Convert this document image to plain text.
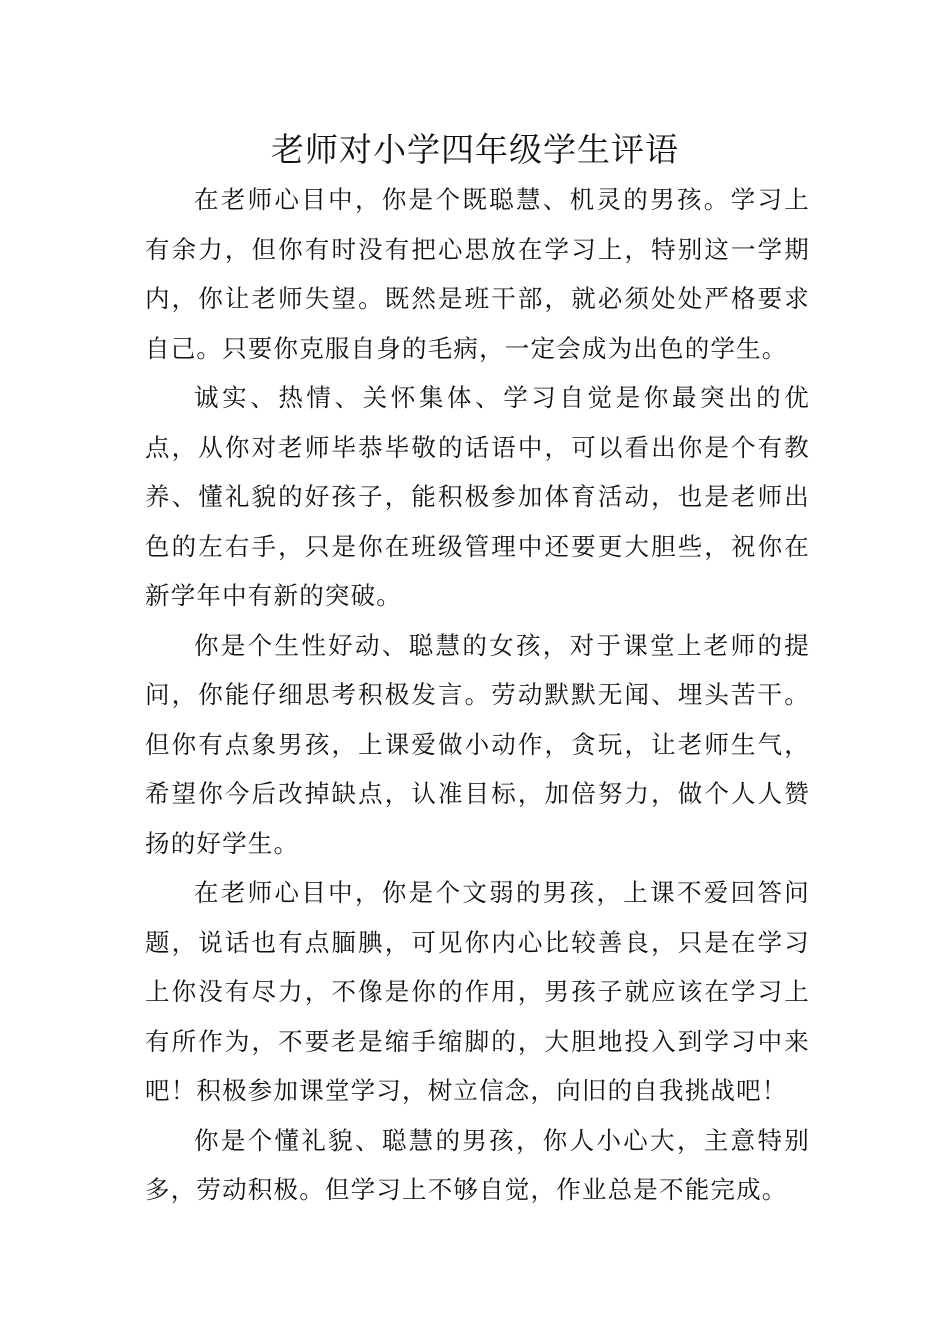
老师对小学四年级学生评语

在老师心目中，你是个既聪慧、机灵的男孩。学习上有余力，但你有时没有把心思放在学习上，特别这一学期内，你让老师失望。既然是班干部，就必须处处严格要求自己。只要你克服自身的毛病，一定会成为出色的学生。

诚实、热情、关怀集体、学习自觉是你最突出的优点，从你对老师毕恭毕敬的话语中，可以看出你是个有教养、懂礼貌的好孩子，能积极参加体育活动，也是老师出色的左右手，只是你在班级管理中还要更大胆些，祝你在新学年中有新的突破。

你是个生性好动、聪慧的女孩，对于课堂上老师的提问，你能仔细思考积极发言。劳动默默无闻、埋头苦干。但你有点象男孩，上课爱做小动作，贪玩，让老师生气，希望你今后改掉缺点，认准目标，加倍努力，做个人人赞扬的好学生。

在老师心目中，你是个文弱的男孩，上课不爱回答问题，说话也有点腼腆，可见你内心比较善良，只是在学习上你没有尽力，不像是你的作用，男孩子就应该在学习上有所作为，不要老是缩手缩脚的，大胆地投入到学习中来吧！积极参加课堂学习，树立信念，向旧的自我挑战吧！

你是个懂礼貌、聪慧的男孩，你人小心大，主意特别多，劳动积极。但学习上不够自觉，作业总是不能完成。
